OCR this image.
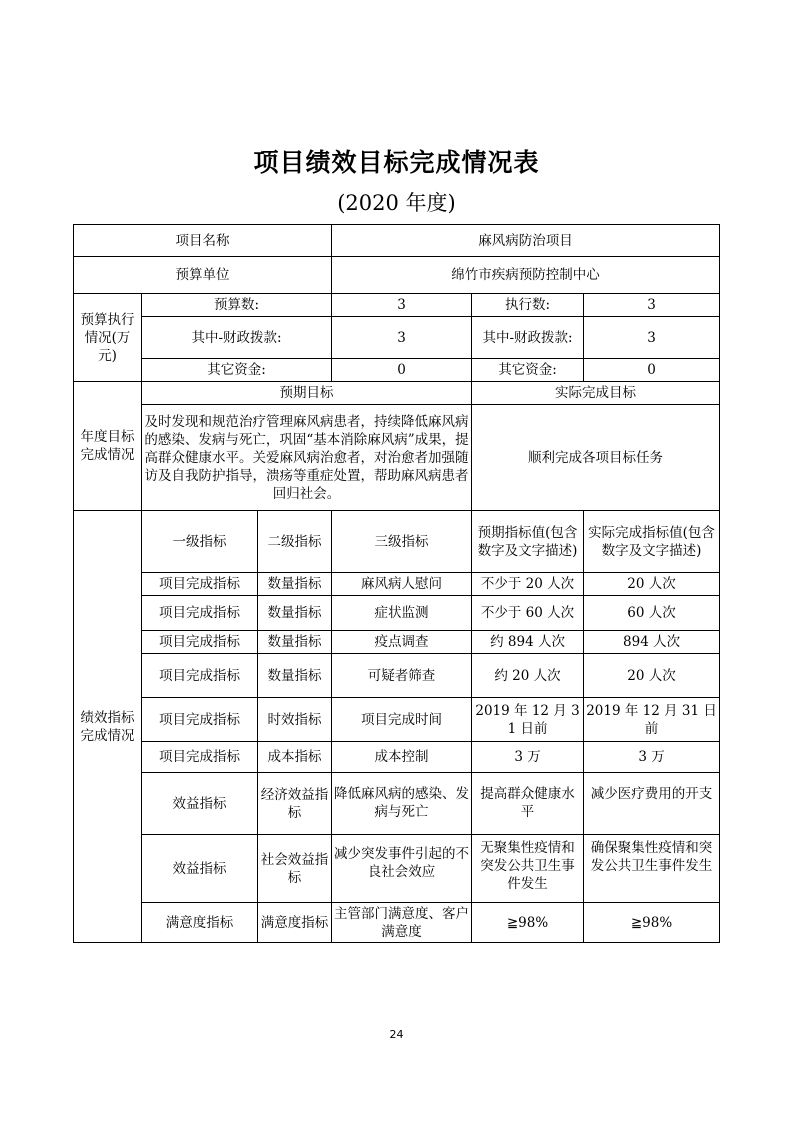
项目绩效目标完成情况表
(2020 年度)
项目名称			麻风病防治项目		
预算单位			绵竹市疾病预防控制中心		
预算执行情况(万元)	预算数:		3	执行数:	3
	其中-财政拨款:		3	其中-财政拨款:	3
	其它资金:		0	其它资金:	0
年度目标完成情况	预期目标			实际完成目标	
	及时发现和规范治疗管理麻风病患者，持续降低麻风病的感染、发病与死亡，巩固“基本消除麻风病”成果，提高群众健康水平。关爱麻风病治愈者，对治愈者加强随访及自我防护指导，溃疡等重症处置，帮助麻风病患者回归社会。			顺利完成各项目标任务	
绩效指标完成情况	一级指标	二级指标	三级指标	预期指标值(包含数字及文字描述)	实际完成指标值(包含数字及文字描述)
	项目完成指标	数量指标	麻风病人慰问	不少于 20 人次	20 人次
	项目完成指标	数量指标	症状监测	不少于 60 人次	60 人次
	项目完成指标	数量指标	疫点调查	约 894 人次	894 人次
	项目完成指标	数量指标	可疑者筛查	约 20 人次	20 人次
	项目完成指标	时效指标	项目完成时间	2019 年 12 月 31 日前	2019 年 12 月 31 日前
	项目完成指标	成本指标	成本控制	3 万	3 万
	效益指标	经济效益指标	降低麻风病的感染、发病与死亡	提高群众健康水平	减少医疗费用的开支
	效益指标	社会效益指标	减少突发事件引起的不良社会效应	无聚集性疫情和突发公共卫生事件发生	确保聚集性疫情和突发公共卫生事件发生
	满意度指标	满意度指标	主管部门满意度、客户满意度	≧98%	≧98%
24
